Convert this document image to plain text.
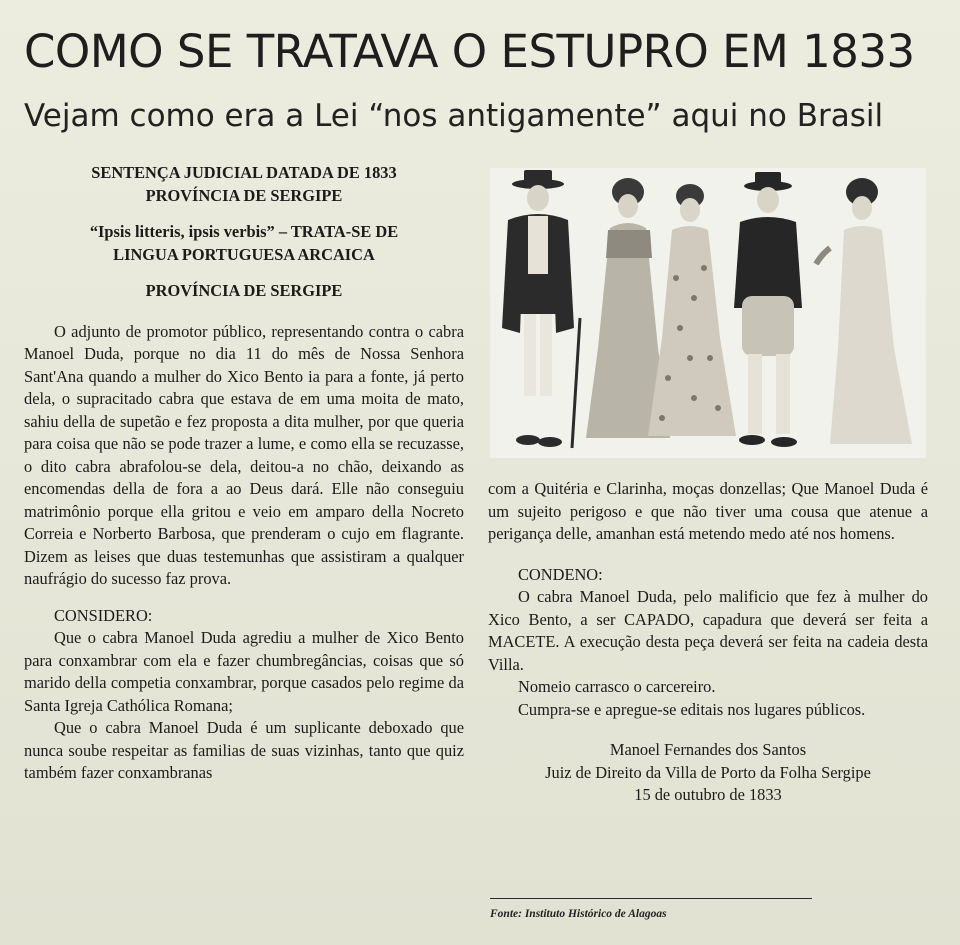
COMO SE TRATAVA O ESTUPRO EM 1833
Vejam como era a Lei “nos antigamente” aqui no Brasil

SENTENÇA JUDICIAL DATADA DE 1833

PROVÍNCIA DE SERGIPE

“Ipsis litteris, ipsis verbis” – TRATA-SE DE

LINGUA PORTUGUESA ARCAICA

PROVÍNCIA DE SERGIPE

O adjunto de promotor público, representando contra o cabra Manoel Duda, porque no dia 11 do mês de Nossa Senhora Sant'Ana quando a mulher do Xico Bento ia para a fonte, já perto dela, o supracitado cabra que estava de em uma moita de mato, sahiu della de supetão e fez proposta a dita mulher, por que queria para coisa que não se pode trazer a lume, e como ella se recuzasse, o dito cabra abrafolou-se dela, deitou-a no chão, deixando as encomendas della de fora a ao Deus dará. Elle não conseguiu matrimônio porque ella gritou e veio em amparo della Nocreto Correia e Norberto Barbosa, que prenderam o cujo em flagrante. Dizem as leises que duas testemunhas que assistiram a qualquer naufrágio do sucesso faz prova.

CONSIDERO:

Que o cabra Manoel Duda agrediu a mulher de Xico Bento para conxambrar com ela e fazer chumbregâncias, coisas que só marido della competia conxambrar, porque casados pelo regime da Santa Igreja Cathólica Romana;

Que o cabra Manoel Duda é um suplicante deboxado que nunca soube respeitar as familias de suas vizinhas, tanto que quiz também fazer conxambranas

com a Quitéria e Clarinha, moças donzellas; Que Manoel Duda é um sujeito perigoso e que não tiver uma cousa que atenue a perigança delle, amanhan está metendo medo até nos homens.

CONDENO:

O cabra Manoel Duda, pelo malificio que fez à mulher do Xico Bento, a ser CAPADO, capadura que deverá ser feita a MACETE. A execução desta peça deverá ser feita na cadeia desta Villa.

Nomeio carrasco o carcereiro.

Cumpra-se e apregue-se editais nos lugares públicos.

Manoel Fernandes dos Santos

Juiz de Direito da Villa de Porto da Folha Sergipe

15 de outubro de 1833

Fonte: Instituto Histórico de Alagoas
